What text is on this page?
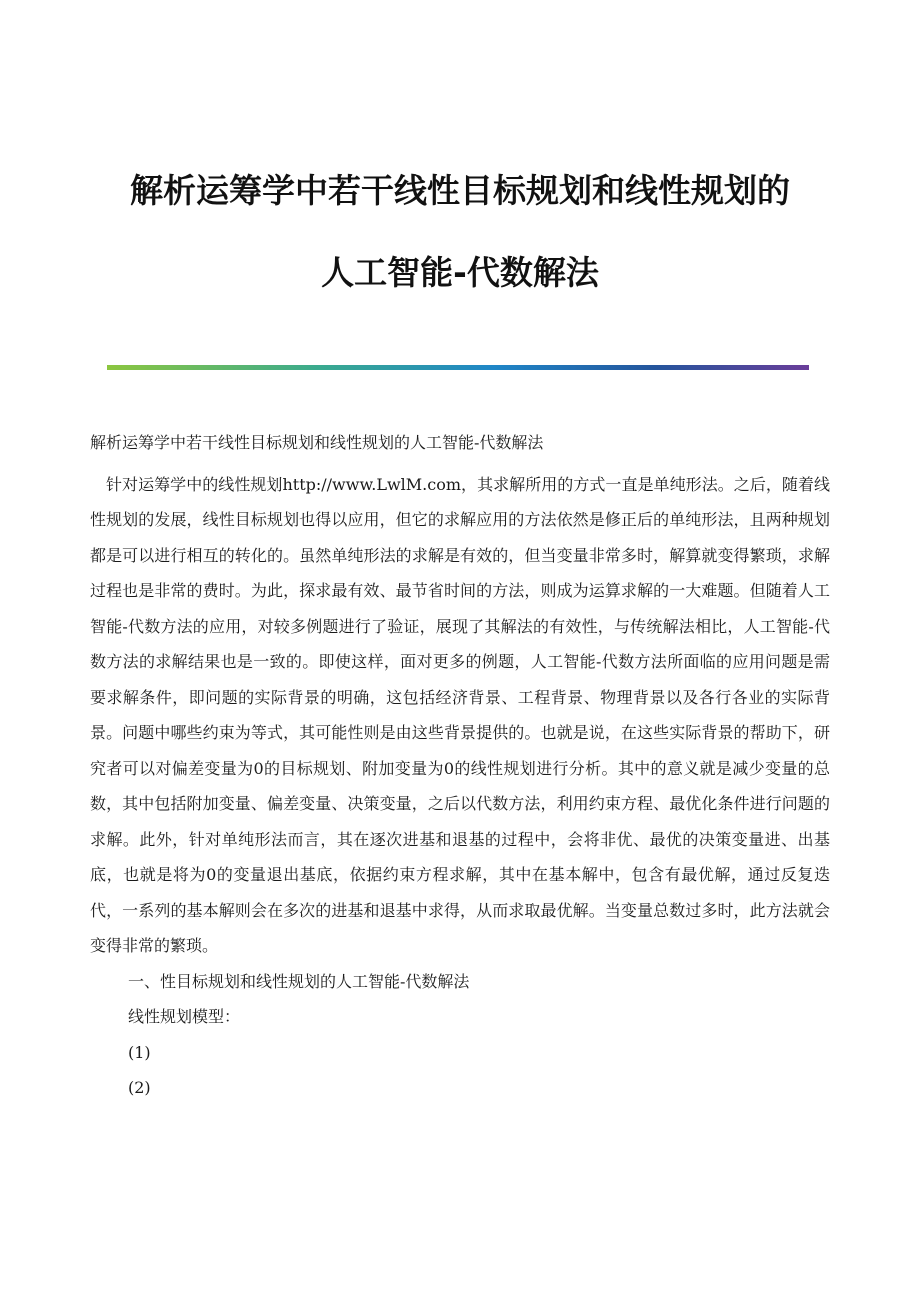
解析运筹学中若干线性目标规划和线性规划的
人工智能-代数解法

解析运筹学中若干线性目标规划和线性规划的人工智能-代数解法

针对运筹学中的线性规划http://www.LwlM.com，其求解所用的方式一直是单纯形法。之后，随着线性规划的发展，线性目标规划也得以应用，但它的求解应用的方法依然是修正后的单纯形法，且两种规划都是可以进行相互的转化的。虽然单纯形法的求解是有效的，但当变量非常多时，解算就变得繁琐，求解过程也是非常的费时。为此，探求最有效、最节省时间的方法，则成为运算求解的一大难题。但随着人工智能-代数方法的应用，对较多例题进行了验证，展现了其解法的有效性，与传统解法相比，人工智能-代数方法的求解结果也是一致的。即使这样，面对更多的例题，人工智能-代数方法所面临的应用问题是需要求解条件，即问题的实际背景的明确，这包括经济背景、工程背景、物理背景以及各行各业的实际背景。问题中哪些约束为等式，其可能性则是由这些背景提供的。也就是说，在这些实际背景的帮助下，研究者可以对偏差变量为0的目标规划、附加变量为0的线性规划进行分析。其中的意义就是减少变量的总数，其中包括附加变量、偏差变量、决策变量，之后以代数方法，利用约束方程、最优化条件进行问题的求解。此外，针对单纯形法而言，其在逐次进基和退基的过程中，会将非优、最优的决策变量进、出基底，也就是将为0的变量退出基底，依据约束方程求解，其中在基本解中，包含有最优解，通过反复迭代，一系列的基本解则会在多次的进基和退基中求得，从而求取最优解。当变量总数过多时，此方法就会变得非常的繁琐。

一、性目标规划和线性规划的人工智能-代数解法

线性规划模型：

(1)

(2)
